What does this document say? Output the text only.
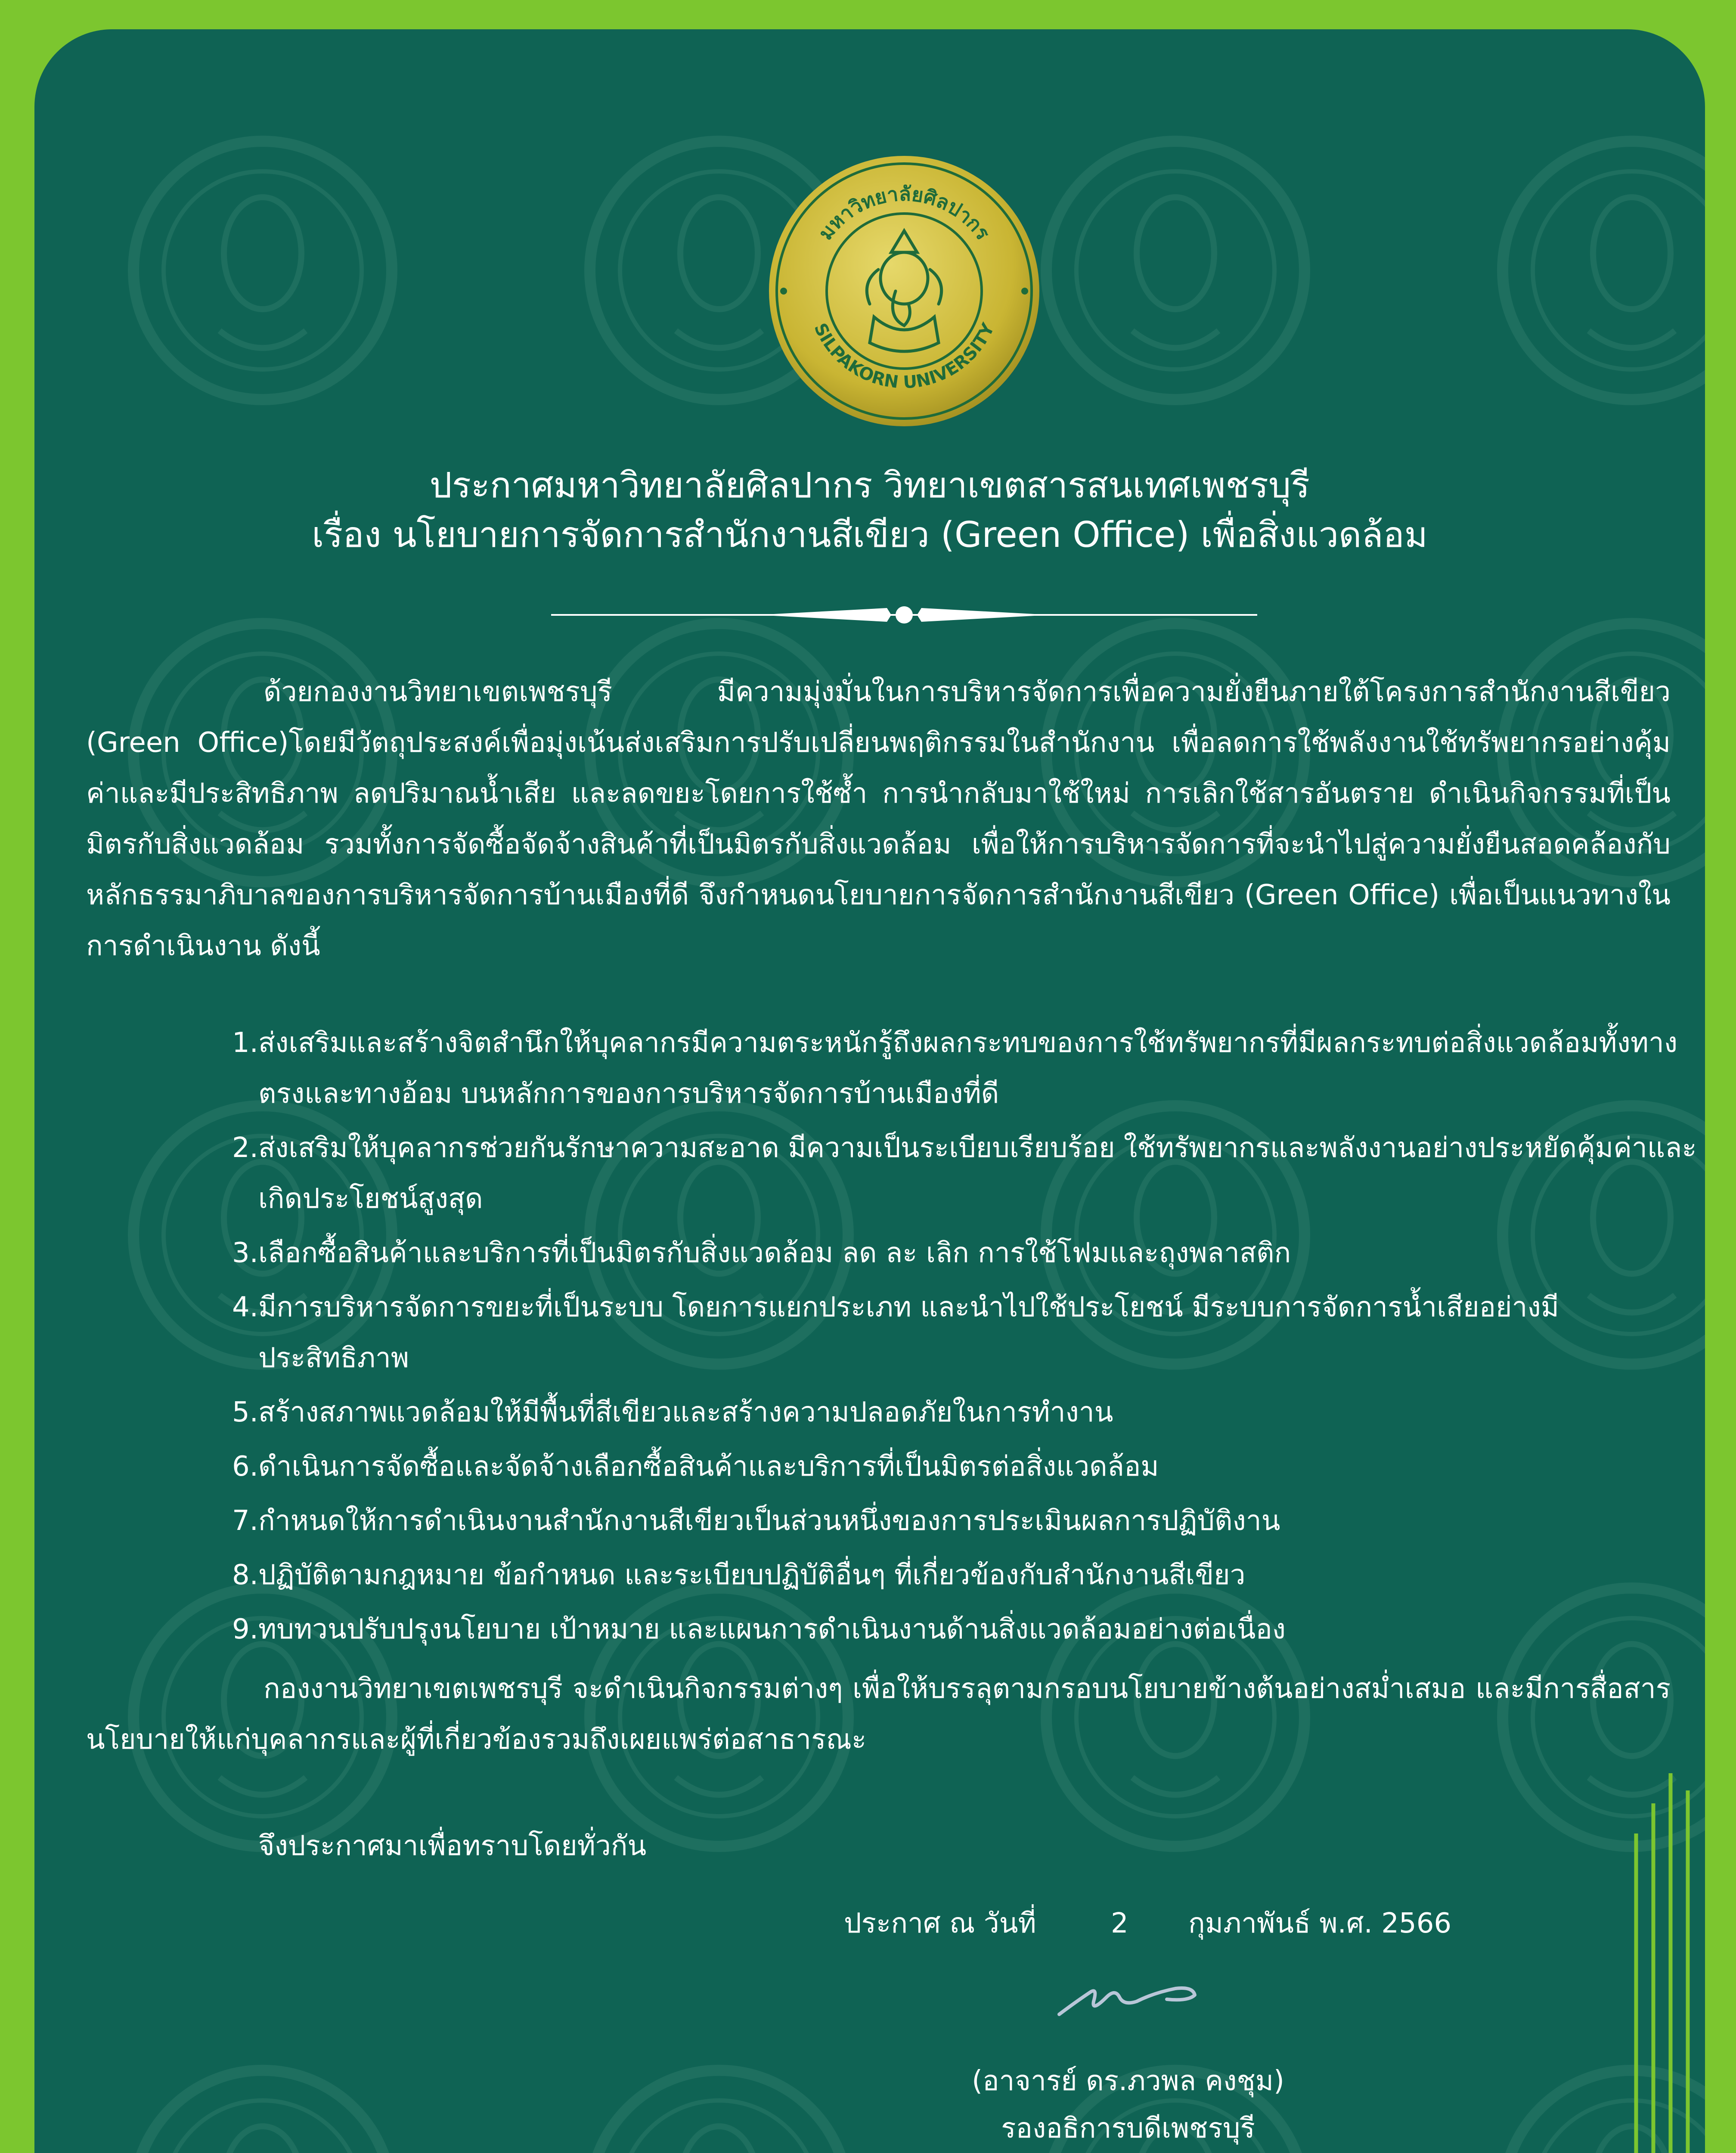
มหาวิทยาลัยศิลปากร
SILPAKORN UNIVERSITY
ประกาศมหาวิทยาลัยศิลปากร วิทยาเขตสารสนเทศเพชรบุรี
เรื่อง นโยบายการจัดการสำนักงานสีเขียว (Green Office) เพื่อสิ่งแวดล้อม

ด้วยกองงานวิทยาเขตเพชรบุรี มีความมุ่งมั่นในการบริหารจัดการเพื่อความยั่งยืนภายใต้โครงการสำนักงานสีเขียว (Green Office)โดยมีวัตถุประสงค์เพื่อมุ่งเน้นส่งเสริมการปรับเปลี่ยนพฤติกรรมในสำนักงาน เพื่อลดการใช้พลังงานใช้ทรัพยากรอย่างคุ้มค่าและมีประสิทธิภาพ ลดปริมาณน้ำเสีย และลดขยะโดยการใช้ซ้ำ การนำกลับมาใช้ใหม่ การเลิกใช้สารอันตราย ดำเนินกิจกรรมที่เป็นมิตรกับสิ่งแวดล้อม รวมทั้งการจัดซื้อจัดจ้างสินค้าที่เป็นมิตรกับสิ่งแวดล้อม เพื่อให้การบริหารจัดการที่จะนำไปสู่ความยั่งยืนสอดคล้องกับหลักธรรมาภิบาลของการบริหารจัดการบ้านเมืองที่ดี จึงกำหนดนโยบายการจัดการสำนักงานสีเขียว (Green Office) เพื่อเป็นแนวทางในการดำเนินงาน ดังนี้

1. ส่งเสริมและสร้างจิตสำนึกให้บุคลากรมีความตระหนักรู้ถึงผลกระทบของการใช้ทรัพยากรที่มีผลกระทบต่อสิ่งแวดล้อมทั้งทางตรงและทางอ้อม บนหลักการของการบริหารจัดการบ้านเมืองที่ดี
2. ส่งเสริมให้บุคลากรช่วยกันรักษาความสะอาด มีความเป็นระเบียบเรียบร้อย ใช้ทรัพยากรและพลังงานอย่างประหยัดคุ้มค่าและเกิดประโยชน์สูงสุด
3. เลือกซื้อสินค้าและบริการที่เป็นมิตรกับสิ่งแวดล้อม ลด ละ เลิก การใช้โฟมและถุงพลาสติก
4. มีการบริหารจัดการขยะที่เป็นระบบ โดยการแยกประเภท และนำไปใช้ประโยชน์ มีระบบการจัดการน้ำเสียอย่างมีประสิทธิภาพ
5. สร้างสภาพแวดล้อมให้มีพื้นที่สีเขียวและสร้างความปลอดภัยในการทำงาน
6. ดำเนินการจัดซื้อและจัดจ้างเลือกซื้อสินค้าและบริการที่เป็นมิตรต่อสิ่งแวดล้อม
7. กำหนดให้การดำเนินงานสำนักงานสีเขียวเป็นส่วนหนึ่งของการประเมินผลการปฏิบัติงาน
8. ปฏิบัติตามกฎหมาย ข้อกำหนด และระเบียบปฏิบัติอื่นๆ ที่เกี่ยวข้องกับสำนักงานสีเขียว
9. ทบทวนปรับปรุงนโยบาย เป้าหมาย และแผนการดำเนินงานด้านสิ่งแวดล้อมอย่างต่อเนื่อง

กองงานวิทยาเขตเพชรบุรี จะดำเนินกิจกรรมต่างๆ เพื่อให้บรรลุตามกรอบนโยบายข้างต้นอย่างสม่ำเสมอ และมีการสื่อสารนโยบายให้แก่บุคลากรและผู้ที่เกี่ยวข้องรวมถึงเผยแพร่ต่อสาธารณะ

จึงประกาศมาเพื่อทราบโดยทั่วกัน
ประกาศ ณ วันที่	2 กุมภาพันธ์ พ.ศ. 2566
(อาจารย์ ดร.ภวพล คงชุม)
รองอธิการบดีเพชรบุรี
